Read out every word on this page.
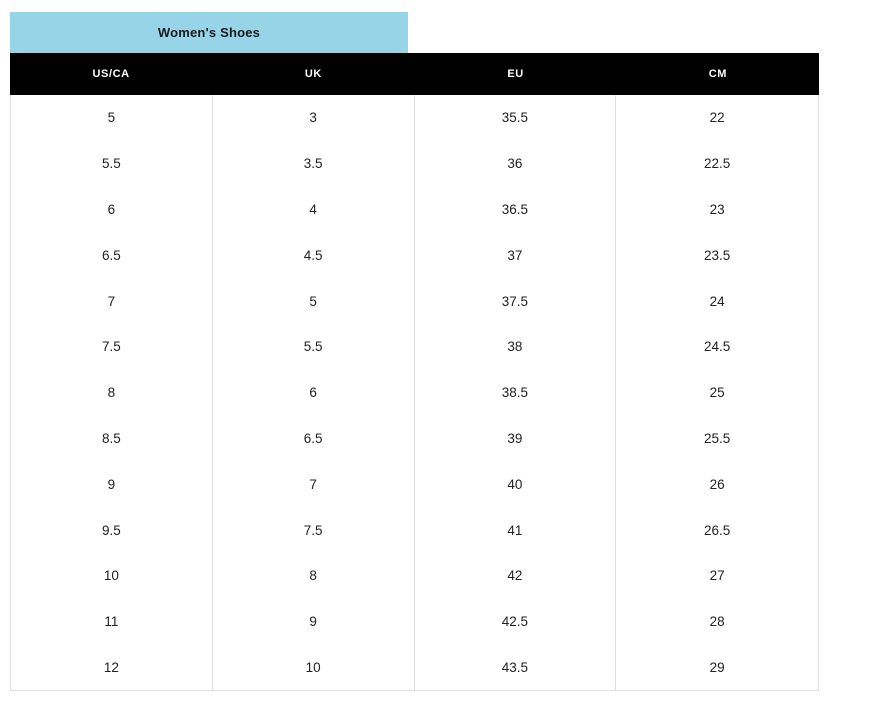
Women's Shoes
US/CA	UK	EU	CM
5	3	35.5	22
5.5	3.5	36	22.5
6	4	36.5	23
6.5	4.5	37	23.5
7	5	37.5	24
7.5	5.5	38	24.5
8	6	38.5	25
8.5	6.5	39	25.5
9	7	40	26
9.5	7.5	41	26.5
10	8	42	27
11	9	42.5	28
12	10	43.5	29
